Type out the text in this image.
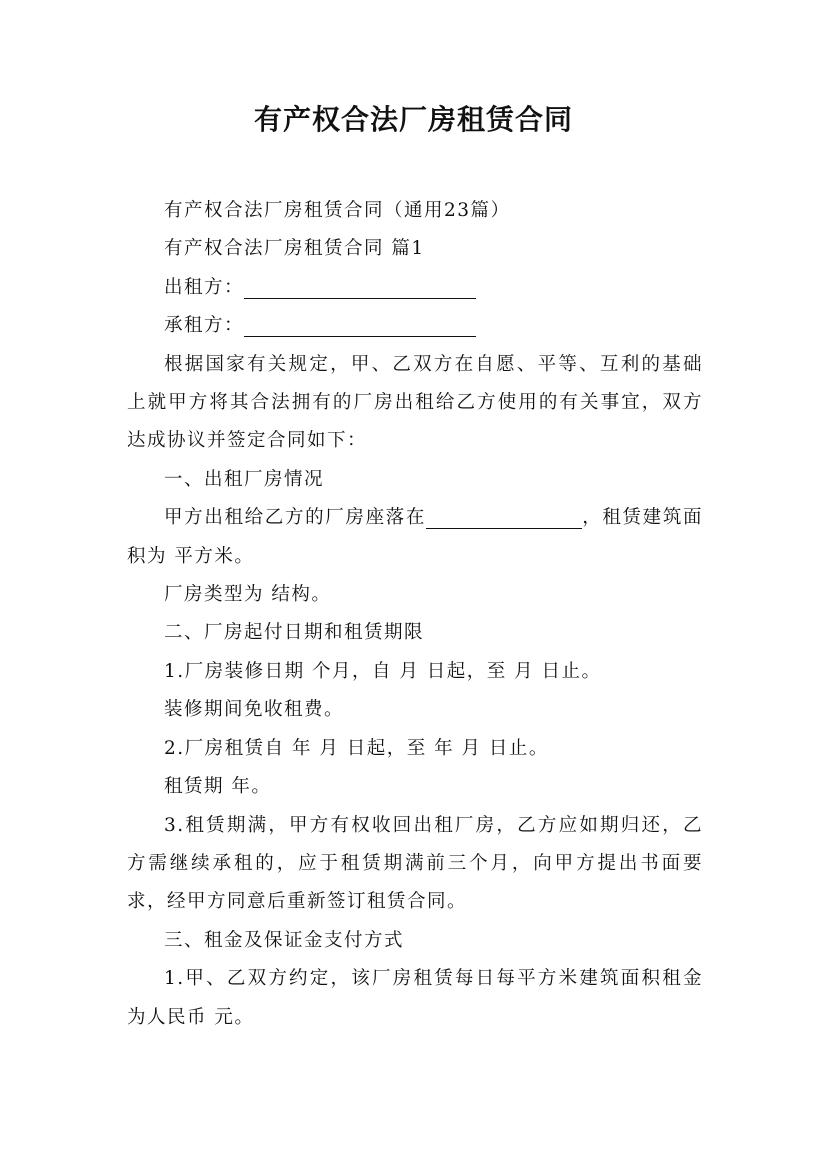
有产权合法厂房租赁合同

有产权合法厂房租赁合同（通用23篇）

有产权合法厂房租赁合同 篇1

出租方：

承租方：

根据国家有关规定，甲、乙双方在自愿、平等、互利的基础上就甲方将其合法拥有的厂房出租给乙方使用的有关事宜，双方达成协议并签定合同如下：

一、出租厂房情况

甲方出租给乙方的厂房座落在	，租赁建筑面积为 平方米。

厂房类型为 结构。

二、厂房起付日期和租赁期限

1.厂房装修日期 个月，自 月 日起，至 月 日止。

装修期间免收租费。

2.厂房租赁自 年 月 日起，至 年 月 日止。

租赁期 年。

3.租赁期满，甲方有权收回出租厂房，乙方应如期归还，乙方需继续承租的，应于租赁期满前三个月，向甲方提出书面要求，经甲方同意后重新签订租赁合同。

三、租金及保证金支付方式

1.甲、乙双方约定，该厂房租赁每日每平方米建筑面积租金为人民币 元。
